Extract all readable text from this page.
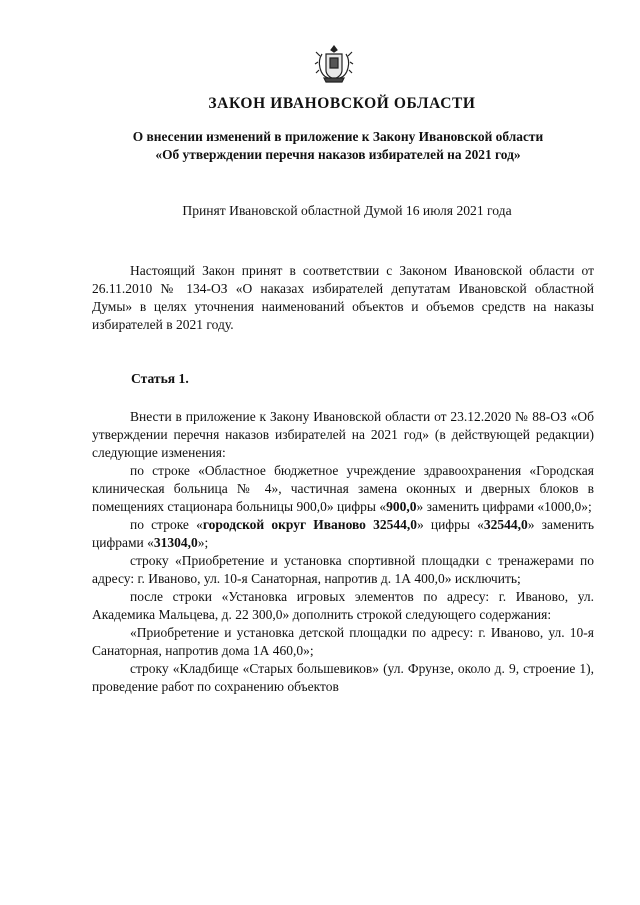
ЗАКОН ИВАНОВСКОЙ ОБЛАСТИ
О внесении изменений в приложение к Закону Ивановской области
«Об утверждении перечня наказов избирателей на 2021 год»
Принят Ивановской областной Думой 16 июля 2021 года

Настоящий Закон принят в соответствии с Законом Ивановской области от 26.11.2010 № 134-ОЗ «О наказах избирателей депутатам Ивановской областной Думы» в целях уточнения наименований объектов и объемов средств на наказы избирателей в 2021 году.

Статья 1.

Внести в приложение к Закону Ивановской области от 23.12.2020 № 88-ОЗ «Об утверждении перечня наказов избирателей на 2021 год» (в действующей редакции) следующие изменения:

по строке «Областное бюджетное учреждение здравоохранения «Городская клиническая больница № 4», частичная замена оконных и дверных блоков в помещениях стационара больницы 900,0» цифры «900,0» заменить цифрами «1000,0»;

по строке «городской округ Иваново 32544,0» цифры «32544,0» заменить цифрами «31304,0»;

строку «Приобретение и установка спортивной площадки с тренажерами по адресу: г. Иваново, ул. 10-я Санаторная, напротив д. 1А 400,0» исключить;

после строки «Установка игровых элементов по адресу: г. Иваново, ул. Академика Мальцева, д. 22 300,0» дополнить строкой следующего содержания:

«Приобретение и установка детской площадки по адресу: г. Иваново, ул. 10-я Санаторная, напротив дома 1А 460,0»;

строку «Кладбище «Старых большевиков» (ул. Фрунзе, около д. 9, строение 1), проведение работ по сохранению объектов
